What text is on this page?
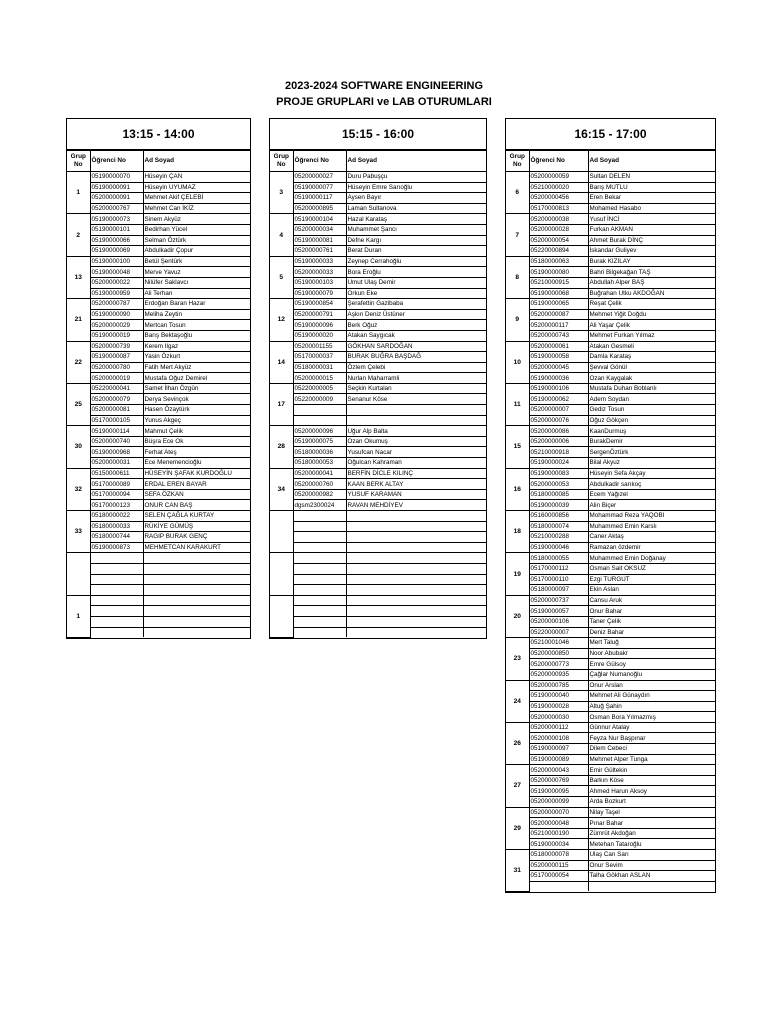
2023-2024 SOFTWARE ENGINEERING
PROJE GRUPLARI ve LAB OTURUMLARI
13:15 - 14:00
Grup No	Öğrenci No	Ad Soyad
1	05190000070	Hüseyin ÇAN
	05190000091	Hüseyin UYUMAZ
	05200000091	Mehmet Akif ÇELEBİ
	05200000767	Mehmet Can İKİZ
2	05190000073	Sinem Akyüz
	05190000101	Bedirhan Yücel
	05190000066	Selman Öztürk
	05190000069	Abdulkadir Çopur
13	05190000100	Betül Şentürk
	05190000048	Merve Yavuz
	05200000022	Nilüfer Saklavcı
	05190000959	Ali Terhan
21	05200000787	Erdoğan Baran Hazar
	05190000090	Meliha Zeytin
	05200000029	Mertcan Tosun
	05190000019	Barış Bektaşoğlu
22	05200000739	Kerem Ilgaz
	05190000087	Yasin Özkurt
	05200000780	Fatih Mert Akyüz
	05200000019	Mustafa Oğuz Demirel
25	05220000041	Samet İlhan Özgün
	05200000079	Derya Sevinçok
	05200000081	Hasen Özaytürk
	05170000105	Yunus Akgeç
30	05190000114	Mahmut Çelik
	05200000740	Büşra Ece Ok
	05190000968	Ferhat Ateş
	05200000031	Ece Menemencioğlu
32	05150000611	HÜSEYİN ŞAFAK KURDOĞLU
	05170000089	ERDAL EREN BAYAR
	05170000094	SEFA ÖZKAN
	05170000123	ONUR CAN BAŞ
33	05180000022	SELEN ÇAĞLA KURTAY
	05180000033	RÜKİYE GÜMÜŞ
	05180000744	RAGIP BURAK GENÇ
	05190000873	MEHMETCAN KARAKURT

1		

15:15 - 16:00
Grup No	Öğrenci No	Ad Soyad
3	05200000027	Duru Pabuşçu
	05190000077	Hüseyin Emre Sarıoğlu
	05190000117	Aysen Bayır
	05200000895	Laman Sultanova
4	05190000104	Hazal Karataş
	05200000034	Muhammet Şancı
	05190000081	Defne Kargı
	05200000761	Berat Duran
5	05190000033	Zeynep Cerrahoğlu
	05200000033	Bora Eroğlu
	05190000103	Umut Ulaş Demir
	05190000079	Orkun Eke
12	05190000854	Şerafettin Gazibaba
	05200000791	Aşkın Deniz Üstüner
	05190000096	Berk Oğuz
	05190000020	Atakan Saygıcak
14	05200001155	GÖKHAN SARDOĞAN
	05170000037	BURAK BUĞRA BAŞDAĞ
	05180000031	Özlem Çelebi
	05200000015	Nurlan Maharramli
17	05220000005	Seçkin Kurtalan
	05220000009	Senanur Köse

28	05200000096	Uğur Alp Balta
	05190000075	Ozan Okumuş
	05180000036	Yusufcan Nacar
	05180000053	Oğulcan Kahraman
34	05200000041	BERFİN DİCLE KILINÇ
	05200000760	KAAN BERK ALTAY
	05200000982	YUSUF KARAMAN
	dgsm2300024	RAVAN MEHDİYEV

16:15 - 17:00
Grup No	Öğrenci No	Ad Soyad
6	05200000059	Sultan DELEN
	05210000020	Barış MUTLU
	05200000456	Eren Bekar
	05170000813	Mohamed Hasabo
7	05200000038	Yusuf İNCİ
	05200000028	Furkan AKMAN
	05200000054	Ahmet Burak DİNÇ
	05220000894	İskandar Guliyev
8	05180000063	Burak KIZILAY
	05190000080	Bahri Bilgekağan TAŞ
	05210000915	Abdullah Alper BAŞ
	05190000068	Buğrahan Utku AKDOĞAN
9	05190000065	Reşat Çelik
	05200000087	Mehmet Yiğit Doğdu
	05200000117	Ali Yaşar Çelik
	05200000743	Mehmet Furkan Yılmaz
10	05200000061	Atakan Gesmeli
	05190000058	Damla Karataş
	05200000045	Şevval Gönül
	05190000036	Ozan Kaygalak
11	05190000106	Mustafa Duhan Boblanlı
	05190000062	Adem Soydan
	05200000007	Gediz Tosun
	05200000076	Oğuz Gökçen
15	05200000086	KaanDurmuş
	05200000006	BurakDemir
	05210000918	SergenÖztürk
	05190000024	Bilal Akyuz
16	05190000083	Hüseyin Sefa Akçay
	05200000053	Abdulkadir sarıkoç
	05180000085	Ecem Yağızel
	05190000039	Alin Biçer
18	05160000856	Mohammad Reza YAQOBI
	05180000074	Muhammed Emin Karslı
	05210000288	Caner Aktaş
	05190000046	Ramazan özdemir
19	05180000055	Muhammed Emin Doğanay
	05170000112	Osman Sait OKSUZ
	05170000110	Ezgi TURGUT
	05180000097	Ekin Aslan
20	05200000737	Cansu Aruk
	05190000057	Onur Bahar
	05200000106	Taner Çelik
	05220000007	Deniz Bahar
23	05210001046	Mert Taluğ
	05200000850	Noor Abubakr
	05200000773	Emre Gülsoy
	05200000935	Çağlar Numanoğlu
24	05200000785	Onur Arslan
	05190000040	Mehmet Ali Günaydın
	05190000028	Altuğ Şahin
	05200000030	Osman Bora Yılmazmış
26	05200000112	Günnur Atalay
	05200000108	Feyza Nur Başpınar
	05190000097	Dilem Cebeci
	05190000089	Mehmet Alper Tunga
27	05200000043	Emir Gültekin
	05200000769	Barkın Köse
	05190000095	Ahmed Harun Aksoy
	05200000099	Arda Bozkurt
29	05200000070	Nilay Taşel
	05200000048	Pınar Bahar
	05210000190	Zümrüt Akdoğan
	05190000034	Metehan Tataroğlu
31	05180000078	Ulaş Can Sarı
	05200000115	Onur Sevim
	05170000054	Talha Gökhan ASLAN
